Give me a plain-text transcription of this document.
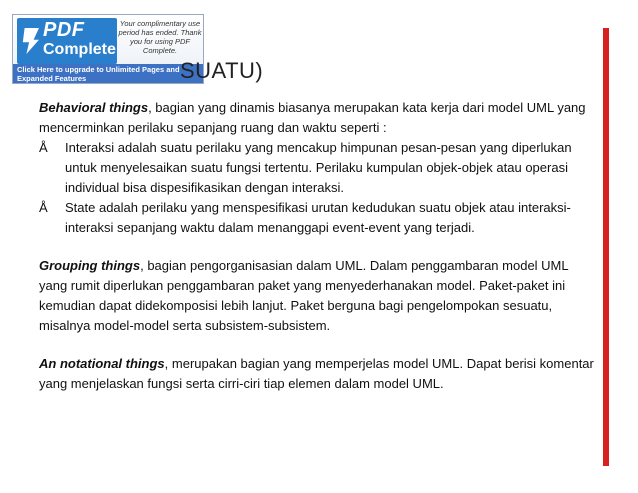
PDF
Complete
Your complimentary use period has ended. Thank you for using PDF Complete.
Click Here to upgrade to Unlimited Pages and Expanded Features	SUATU)

Behavioral things, bagian yang dinamis biasanya merupakan kata kerja dari model UML yang mencerminkan perilaku sepanjang ruang dan waktu seperti :

Å	Interaksi adalah suatu perilaku yang mencakup himpunan pesan-pesan yang diperlukan untuk menyelesaikan suatu fungsi tertentu. Perilaku kumpulan objek-objek atau operasi individual bisa dispesifikasikan dengan interaksi.
Å	State adalah perilaku yang menspesifikasi urutan kedudukan suatu objek atau interaksi-interaksi sepanjang waktu dalam menanggapi event-event yang terjadi.

Grouping things, bagian pengorganisasian dalam UML. Dalam penggambaran model UML yang rumit diperlukan penggambaran paket yang menyederhanakan model. Paket-paket ini kemudian dapat didekomposisi lebih lanjut. Paket berguna bagi pengelompokan sesuatu, misalnya model-model serta subsistem-subsistem.

An notational things, merupakan bagian yang memperjelas model UML. Dapat berisi komentar yang menjelaskan fungsi serta cirri-ciri tiap elemen dalam model UML.
